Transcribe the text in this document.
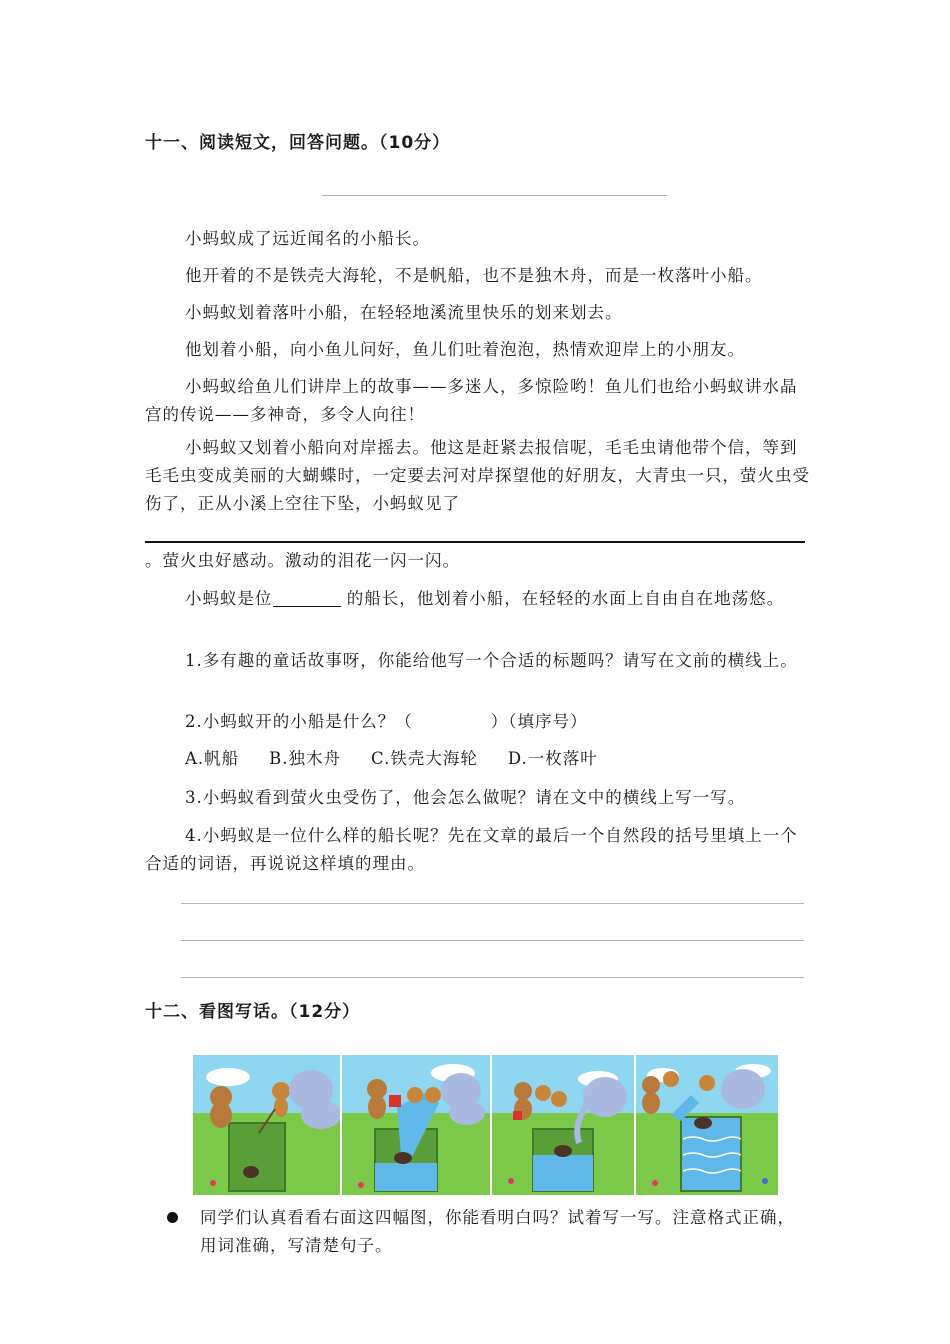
十一、阅读短文，回答问题。（10分）
小蚂蚁成了远近闻名的小船长。
他开着的不是铁壳大海轮，不是帆船，也不是独木舟，而是一枚落叶小船。
小蚂蚁划着落叶小船，在轻轻地溪流里快乐的划来划去。
他划着小船，向小鱼儿问好，鱼儿们吐着泡泡，热情欢迎岸上的小朋友。
小蚂蚁给鱼儿们讲岸上的故事——多迷人，多惊险哟！鱼儿们也给小蚂蚁讲水晶宫的传说——多神奇，多令人向往！
小蚂蚁又划着小船向对岸摇去。他这是赶紧去报信呢，毛毛虫请他带个信，等到毛毛虫变成美丽的大蝴蝶时，一定要去河对岸探望他的好朋友，大青虫一只，萤火虫受伤了，正从小溪上空往下坠，小蚂蚁见了
。萤火虫好感动。激动的泪花一闪一闪。
小蚂蚁是位	的船长，他划着小船，在轻轻的水面上自由自在地荡悠。
1.多有趣的童话故事呀，你能给他写一个合适的标题吗？请写在文前的横线上。
2.小蚂蚁开的小船是什么？（	）（填序号）
A.帆船 B.独木舟 C.铁壳大海轮 D.一枚落叶
3.小蚂蚁看到萤火虫受伤了，他会怎么做呢？请在文中的横线上写一写。
4.小蚂蚁是一位什么样的船长呢？先在文章的最后一个自然段的括号里填上一个合适的词语，再说说这样填的理由。
十二、看图写话。（12分）
同学们认真看看右面这四幅图，你能看明白吗？试着写一写。注意格式正确，用词准确，写清楚句子。
